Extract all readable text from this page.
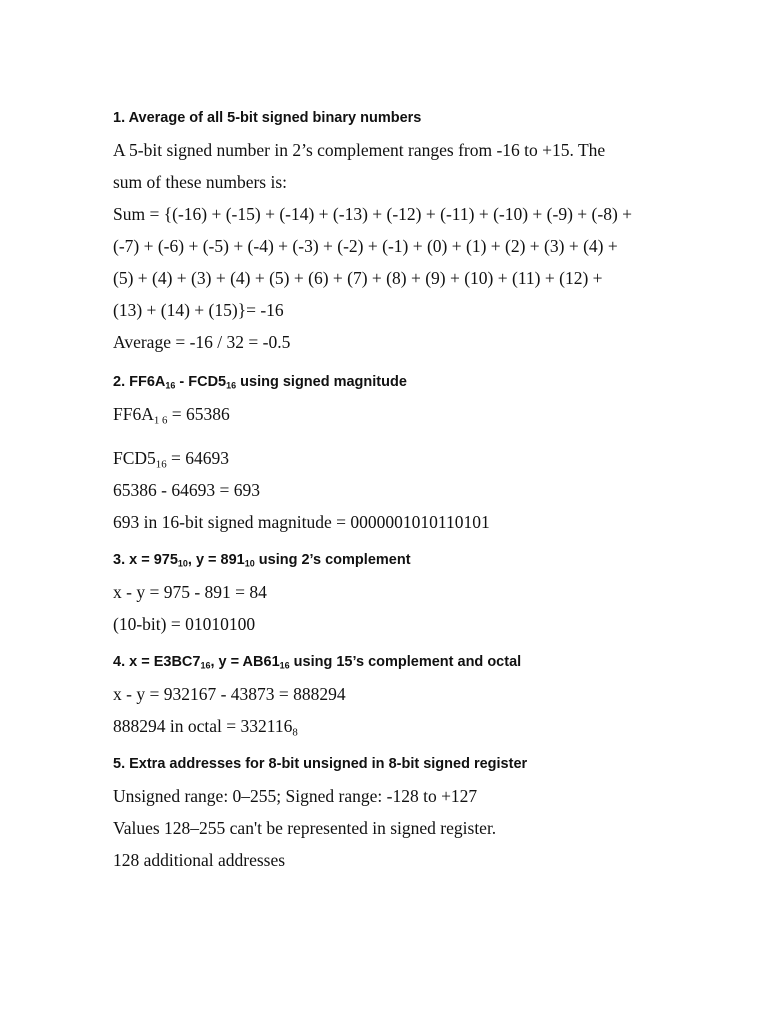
1. Average of all 5-bit signed binary numbers

A 5-bit signed number in 2’s complement ranges from -16 to +15. The

sum of these numbers is:

Sum = {(-16) + (-15) + (-14) + (-13) + (-12) + (-11) + (-10) + (-9) + (-8) +

(-7) + (-6) + (-5) + (-4) + (-3) + (-2) + (-1) + (0) + (1) + (2) + (3) + (4) +

(5) + (4) + (3) + (4) + (5) + (6) + (7) + (8) + (9) + (10) + (11) + (12) +

(13) + (14) + (15)}= -16

Average = -16 / 32 = -0.5

2. $FF6A_{16} - FCD5_{16}$ using signed magnitude

$FF6A_{1 6} = 65386$

$FCD5_{16} = 64693$

65386 - 64693 = 693

693 in 16-bit signed magnitude = 0000001010110101

3. $x = 975_{10}$, $y = 891_{10}$ using 2’s complement

x - y = 975 - 891 = 84

(10-bit) = 01010100

4. $x = E3BC7_{16}$, $y = AB61_{16}$ using 15’s complement and octal

x - y = 932167 - 43873 = 888294

888294 in octal = $332116_8$

5. Extra addresses for 8-bit unsigned in 8-bit signed register

Unsigned range: 0–255; Signed range: -128 to +127

Values 128–255 can't be represented in signed register.

128 additional addresses
